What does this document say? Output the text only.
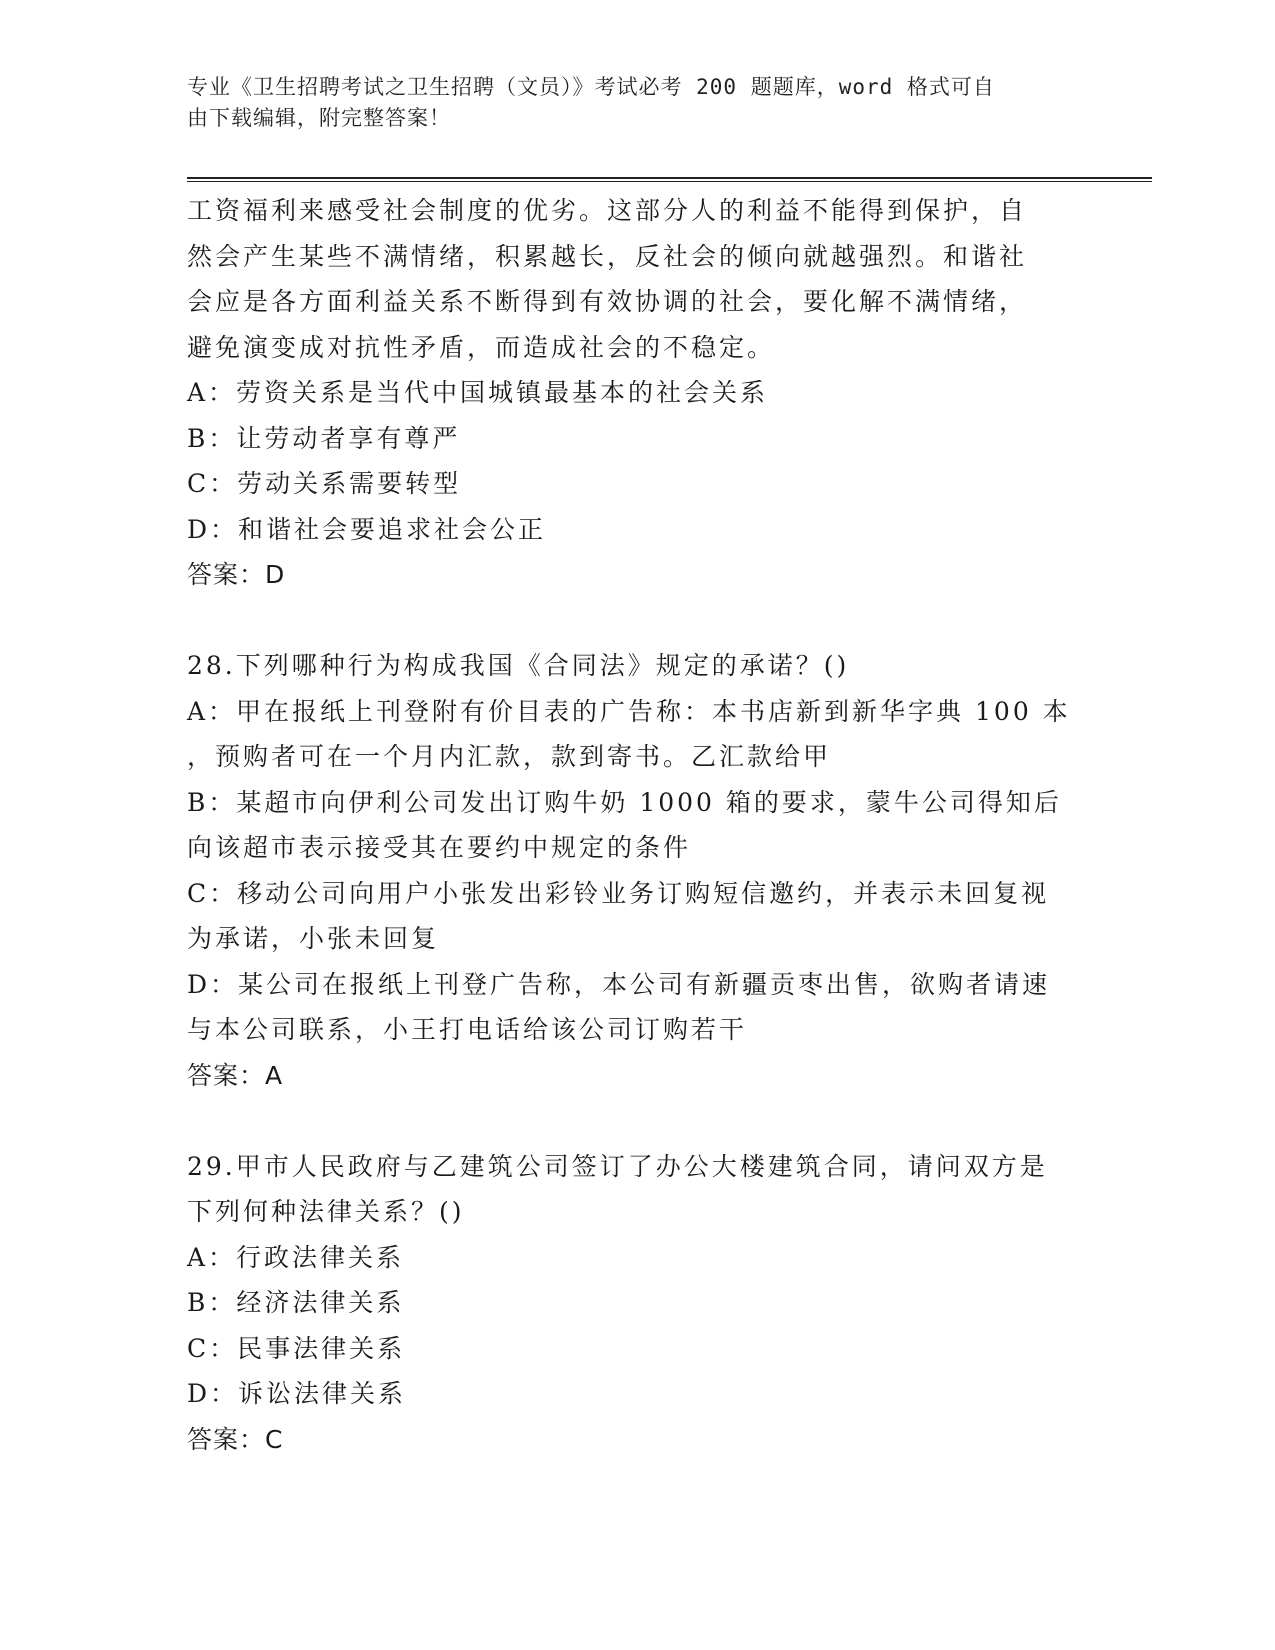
专业《卫生招聘考试之卫生招聘（文员）》考试必考 200 题题库，word 格式可自
由下载编辑，附完整答案！
工资福利来感受社会制度的优劣。这部分人的利益不能得到保护，自
然会产生某些不满情绪，积累越长，反社会的倾向就越强烈。和谐社
会应是各方面利益关系不断得到有效协调的社会，要化解不满情绪，
避免演变成对抗性矛盾，而造成社会的不稳定。
A：劳资关系是当代中国城镇最基本的社会关系
B：让劳动者享有尊严
C：劳动关系需要转型
D：和谐社会要追求社会公正
答案：D
28.下列哪种行为构成我国《合同法》规定的承诺？()
A：甲在报纸上刊登附有价目表的广告称：本书店新到新华字典 100 本
，预购者可在一个月内汇款，款到寄书。乙汇款给甲
B：某超市向伊利公司发出订购牛奶 1000 箱的要求，蒙牛公司得知后
向该超市表示接受其在要约中规定的条件
C：移动公司向用户小张发出彩铃业务订购短信邀约，并表示未回复视
为承诺，小张未回复
D：某公司在报纸上刊登广告称，本公司有新疆贡枣出售，欲购者请速
与本公司联系，小王打电话给该公司订购若干
答案：A
29.甲市人民政府与乙建筑公司签订了办公大楼建筑合同，请问双方是
下列何种法律关系？()
A：行政法律关系
B：经济法律关系
C：民事法律关系
D：诉讼法律关系
答案：C
